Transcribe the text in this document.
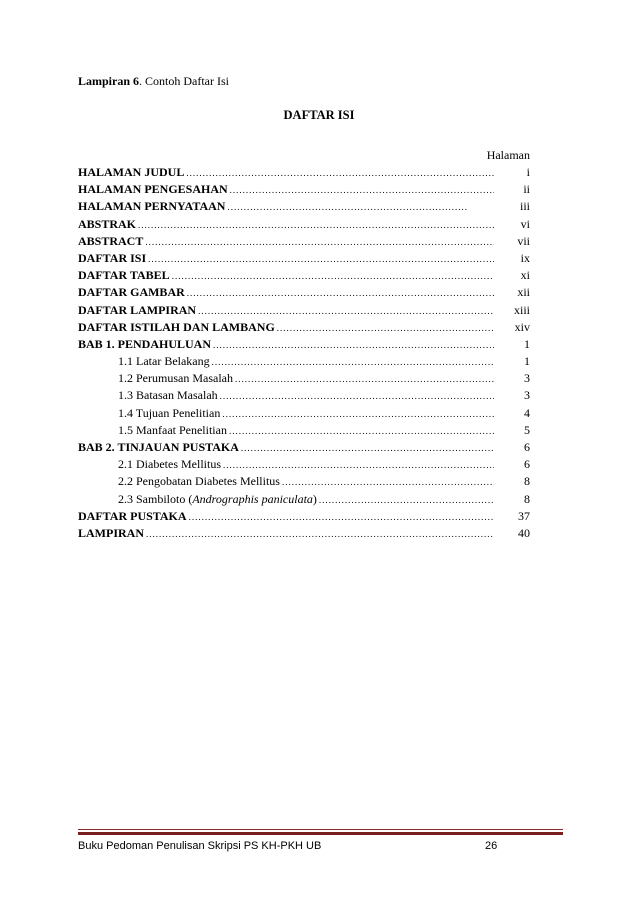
Lampiran 6. Contoh Daftar Isi
DAFTAR ISI
Halaman
HALAMAN JUDUL .....	i
HALAMAN PENGESAHAN .....	ii
HALAMAN PERNYATAAN .....	iii
ABSTRAK .....	vi
ABSTRACT .....	vii
DAFTAR ISI .....	ix
DAFTAR TABEL .....	xi
DAFTAR GAMBAR .....	xii
DAFTAR LAMPIRAN .....	xiii
DAFTAR ISTILAH DAN LAMBANG .....	xiv
BAB 1. PENDAHULUAN .....	1
1.1 Latar Belakang .....	1
1.2 Perumusan Masalah .....	3
1.3 Batasan Masalah .....	3
1.4 Tujuan Penelitian .....	4
1.5 Manfaat Penelitian .....	5
BAB 2. TINJAUAN PUSTAKA .....	6
2.1 Diabetes Mellitus .....	6
2.2 Pengobatan Diabetes Mellitus .....	8
2.3 Sambiloto (Andrographis paniculata) .....	8
DAFTAR PUSTAKA .....	37
LAMPIRAN .....	40
Buku Pedoman Penulisan Skripsi PS KH-PKH UB	26
